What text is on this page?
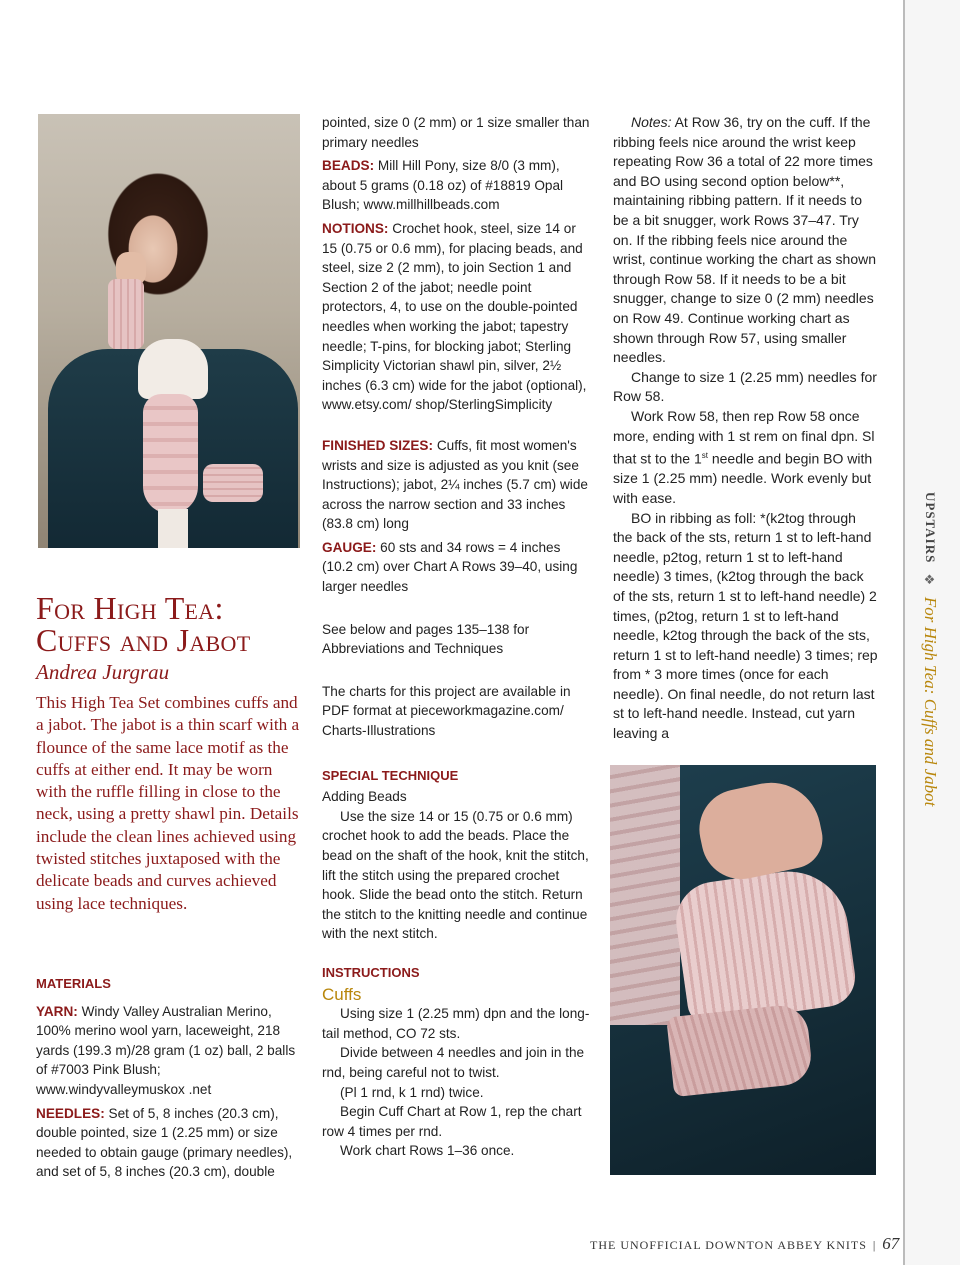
UPSTAIRS ❖ For High Tea: Cuffs and Jabot
For High Tea:
Cuffs and Jabot
Andrea Jurgrau
This High Tea Set combines cuffs and a jabot. The jabot is a thin scarf with a flounce of the same lace motif as the cuffs at either end. It may be worn with the ruffle filling in close to the neck, using a pretty shawl pin. Details include the clean lines achieved using twisted stitches juxtaposed with the delicate beads and curves achieved using lace techniques.

MATERIALS

YARN: Windy Valley Australian Merino, 100% merino wool yarn, laceweight, 218 yards (199.3 m)/28 gram (1 oz) ball, 2 balls of #7003 Pink Blush; www.windyvalleymuskox .net

NEEDLES: Set of 5, 8 inches (20.3 cm), double pointed, size 1 (2.25 mm) or size needed to obtain gauge (primary needles), and set of 5, 8 inches (20.3 cm), double

pointed, size 0 (2 mm) or 1 size smaller than primary needles

BEADS: Mill Hill Pony, size 8/0 (3 mm), about 5 grams (0.18 oz) of #18819 Opal Blush; www.millhillbeads.com

NOTIONS: Crochet hook, steel, size 14 or 15 (0.75 or 0.6 mm), for placing beads, and steel, size 2 (2 mm), to join Section 1 and Section 2 of the jabot; needle point protectors, 4, to use on the double-pointed needles when working the jabot; tapestry needle; T-pins, for blocking jabot; Sterling Simplicity Victorian shawl pin, silver, 2½ inches (6.3 cm) wide for the jabot (optional), www.etsy.com/ shop/SterlingSimplicity

FINISHED SIZES: Cuffs, fit most women's wrists and size is adjusted as you knit (see Instructions); jabot, 2¼ inches (5.7 cm) wide across the narrow section and 33 inches (83.8 cm) long

GAUGE: 60 sts and 34 rows = 4 inches (10.2 cm) over Chart A Rows 39–40, using larger needles

See below and pages 135–138 for Abbreviations and Techniques

The charts for this project are available in PDF format at pieceworkmagazine.com/ Charts-Illustrations

SPECIAL TECHNIQUE

Adding Beads

Use the size 14 or 15 (0.75 or 0.6 mm) crochet hook to add the beads. Place the bead on the shaft of the hook, knit the stitch, lift the stitch using the prepared crochet hook. Slide the bead onto the stitch. Return the stitch to the knitting needle and continue with the next stitch.

INSTRUCTIONS

Cuffs

Using size 1 (2.25 mm) dpn and the long-tail method, CO 72 sts.

Divide between 4 needles and join in the rnd, being careful not to twist.

(Pl 1 rnd, k 1 rnd) twice.

Begin Cuff Chart at Row 1, rep the chart row 4 times per rnd.

Work chart Rows 1–36 once.

Notes: At Row 36, try on the cuff. If the ribbing feels nice around the wrist keep repeating Row 36 a total of 22 more times and BO using second option below**, maintaining ribbing pattern. If it needs to be a bit snugger, work Rows 37–47. Try on. If the ribbing feels nice around the wrist, continue working the chart as shown through Row 58. If it needs to be a bit snugger, change to size 0 (2 mm) needles on Row 49. Continue working chart as shown through Row 57, using smaller needles.

Change to size 1 (2.25 mm) needles for Row 58.

Work Row 58, then rep Row 58 once more, ending with 1 st rem on final dpn. Sl that st to the 1st needle and begin BO with size 1 (2.25 mm) needle. Work evenly but with ease.

BO in ribbing as foll: *(k2tog through the back of the sts, return 1 st to left-hand needle, p2tog, return 1 st to left-hand needle) 3 times, (k2tog through the back of the sts, return 1 st to left-hand needle) 2 times, (p2tog, return 1 st to left-hand needle, k2tog through the back of the sts, return 1 st to left-hand needle) 3 times; rep from * 3 more times (once for each needle). On final needle, do not return last st to left-hand needle. Instead, cut yarn leaving a

THE UNOFFICIAL DOWNTON ABBEY KNITS | 67
